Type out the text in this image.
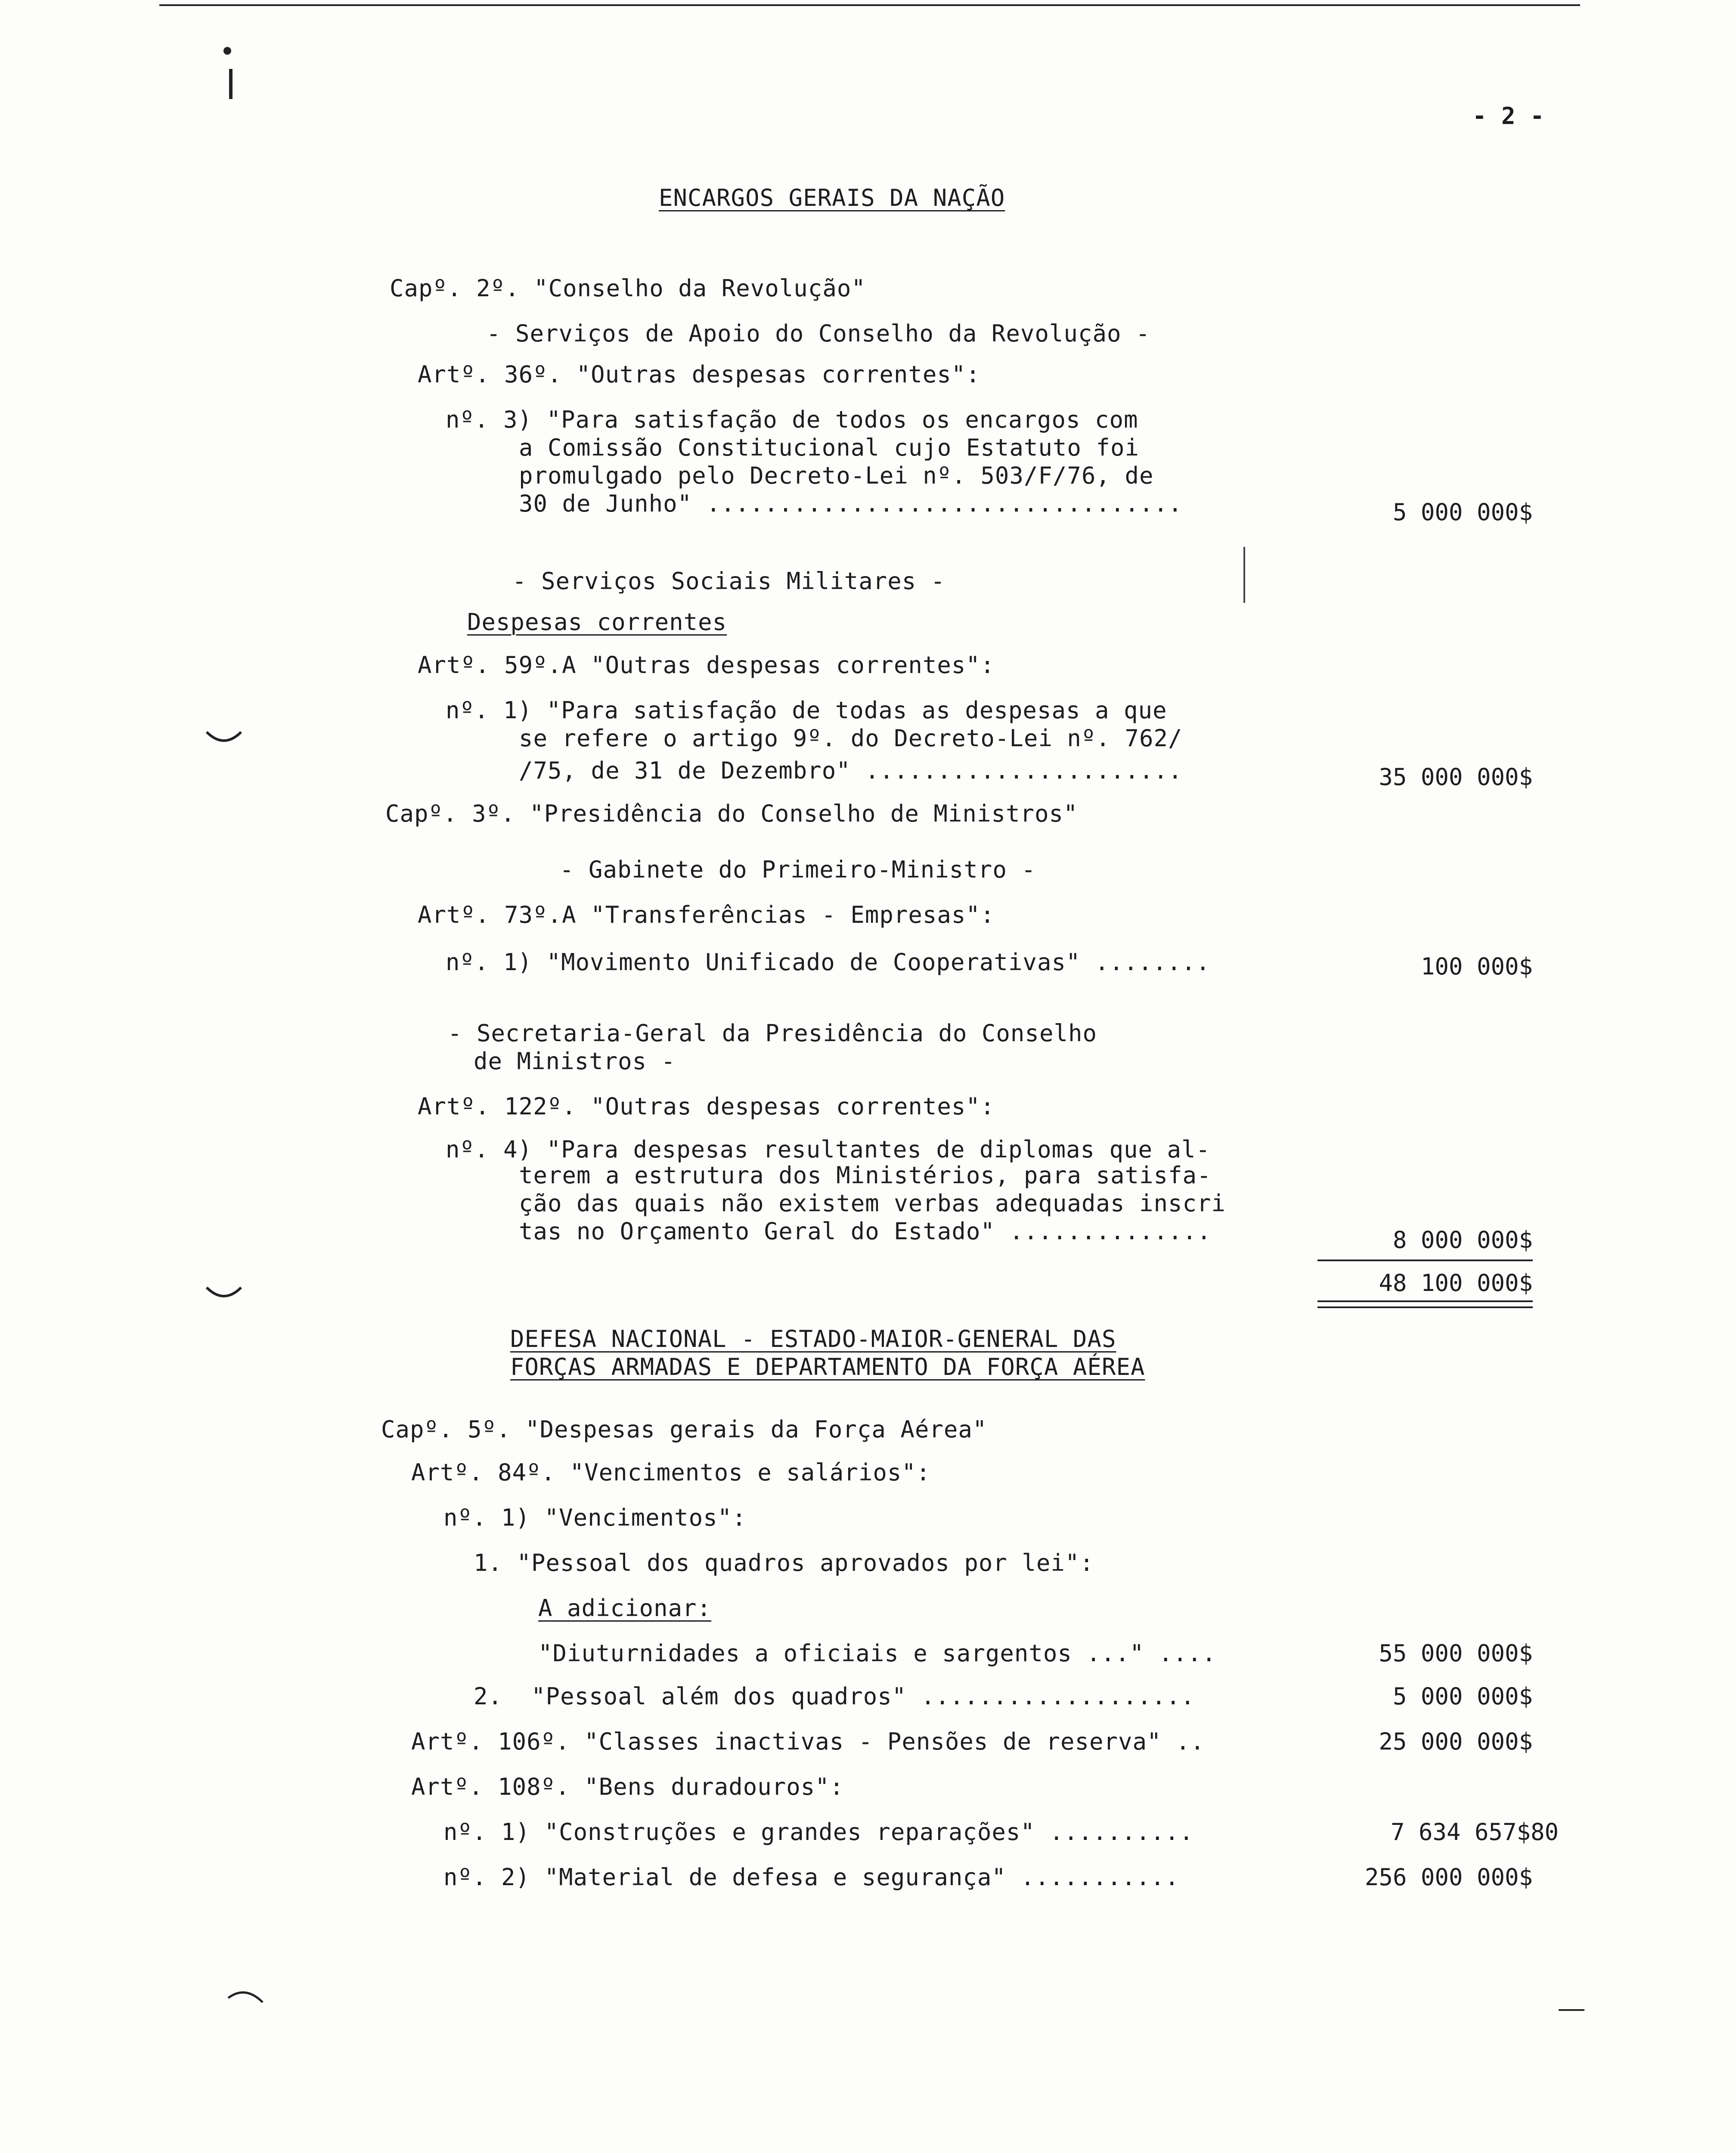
- 2 -
ENCARGOS GERAIS DA NAÇÃO
Capº. 2º. "Conselho da Revolução"
- Serviços de Apoio do Conselho da Revolução -
Artº. 36º. "Outras despesas correntes":
nº. 3) "Para satisfação de todos os encargos com
a Comissão Constitucional cujo Estatuto foi
promulgado pelo Decreto-Lei nº. 503/F/76, de
30 de Junho" .................................	5 000 000$
- Serviços Sociais Militares -
Despesas correntes
Artº. 59º.A "Outras despesas correntes":
nº. 1) "Para satisfação de todas as despesas a que
se refere o artigo 9º. do Decreto-Lei nº. 762/
/75, de 31 de Dezembro" ......................	35 000 000$
Capº. 3º. "Presidência do Conselho de Ministros"
- Gabinete do Primeiro-Ministro -
Artº. 73º.A "Transferências - Empresas":
nº. 1) "Movimento Unificado de Cooperativas" ........	100 000$
- Secretaria-Geral da Presidência do Conselho
de Ministros -
Artº. 122º. "Outras despesas correntes":
nº. 4) "Para despesas resultantes de diplomas que al-
terem a estrutura dos Ministérios, para satisfa-
ção das quais não existem verbas adequadas inscri
tas no Orçamento Geral do Estado" ..............	8 000 000$
48 100 000$
DEFESA NACIONAL - ESTADO-MAIOR-GENERAL DAS
FORÇAS ARMADAS E DEPARTAMENTO DA FORÇA AÉREA
Capº. 5º. "Despesas gerais da Força Aérea"
Artº. 84º. "Vencimentos e salários":
nº. 1) "Vencimentos":
1. "Pessoal dos quadros aprovados por lei":
A adicionar:
"Diuturnidades a oficiais e sargentos ..." ....	55 000 000$
2.  "Pessoal além dos quadros" ...................	5 000 000$
Artº. 106º. "Classes inactivas - Pensões de reserva" ..	25 000 000$
Artº. 108º. "Bens duradouros":
nº. 1) "Construções e grandes reparações" ..........	7 634 657$80
nº. 2) "Material de defesa e segurança" ...........	256 000 000$
